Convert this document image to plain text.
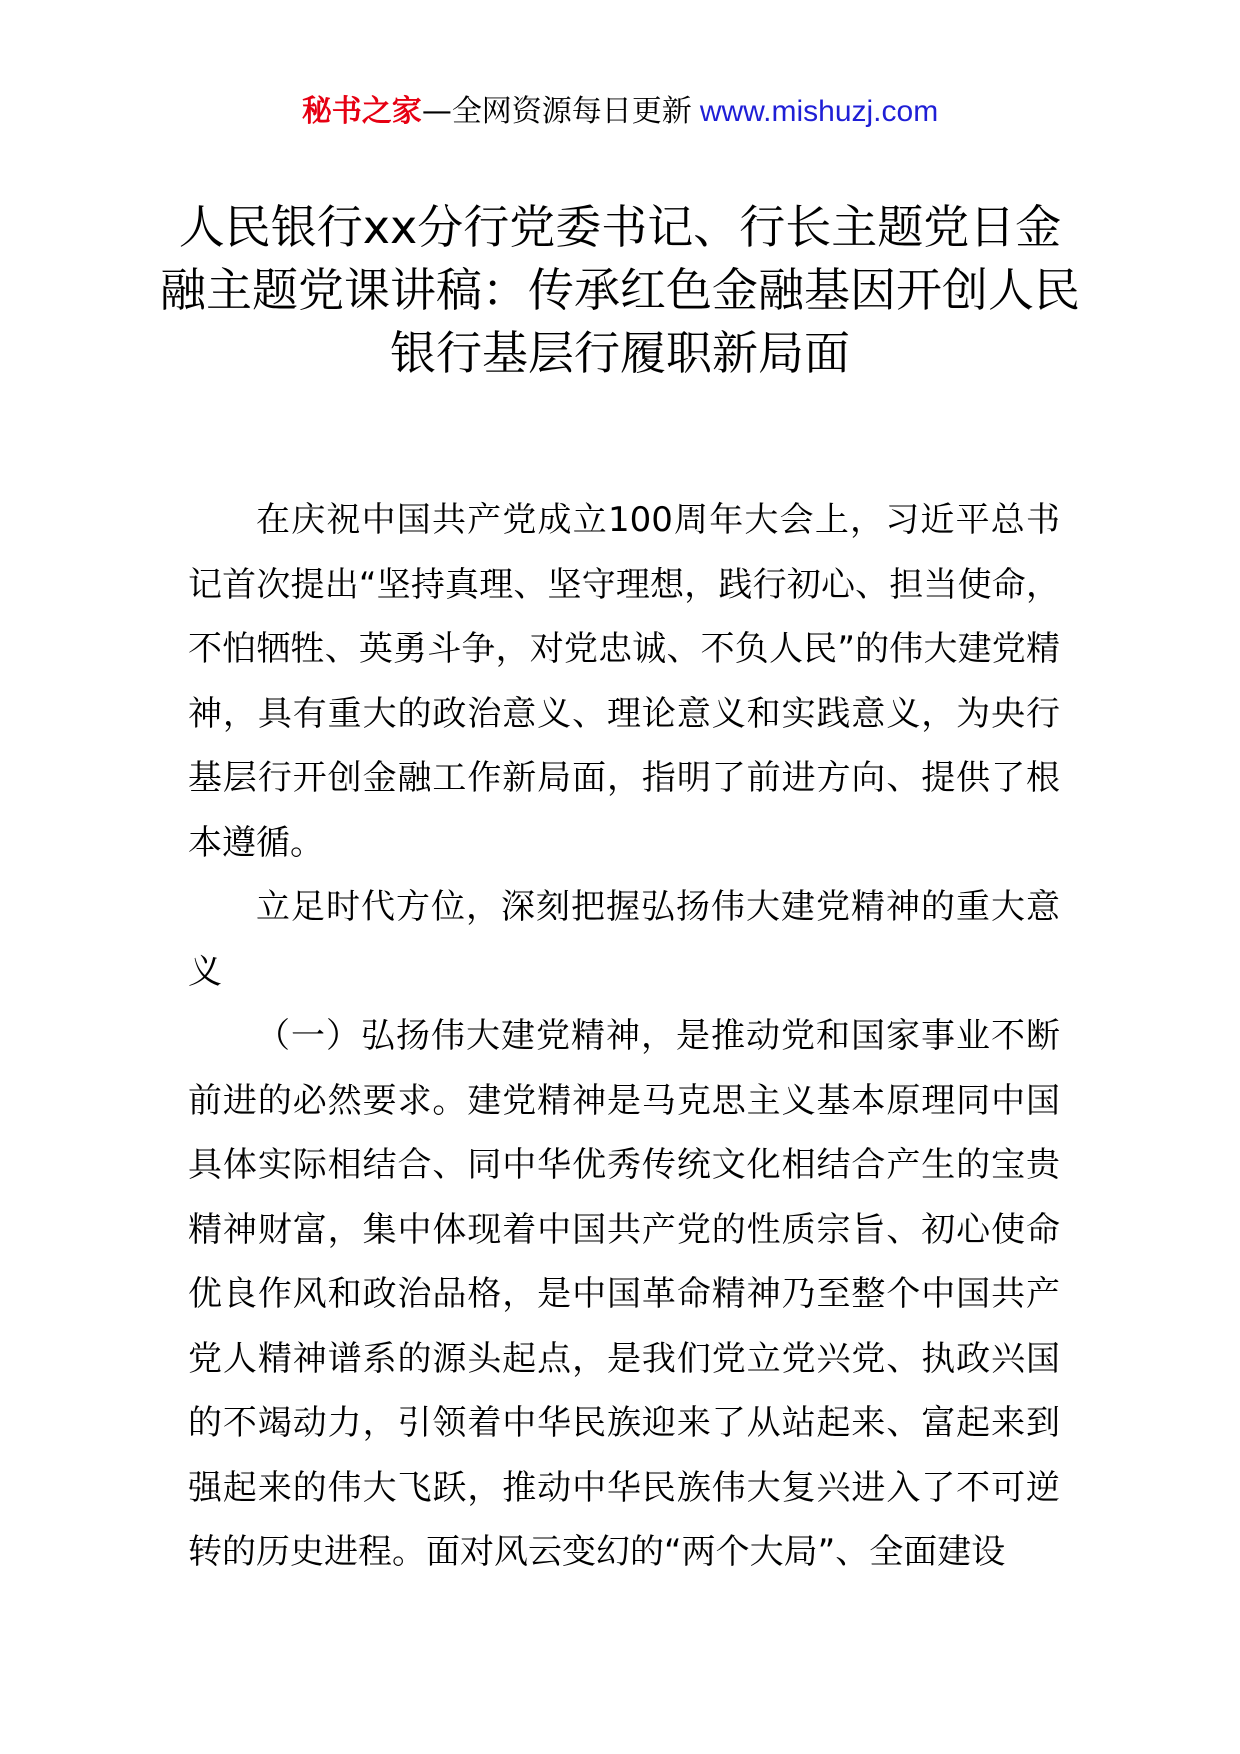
秘书之家—全网资源每日更新 www.mishuzj.com
人民银行xx分行党委书记、行长主题党日金融主题党课讲稿：传承红色金融基因开创人民银行基层行履职新局面

在庆祝中国共产党成立100周年大会上，习近平总书记首次提出“坚持真理、坚守理想，践行初心、担当使命，不怕牺牲、英勇斗争，对党忠诚、不负人民”的伟大建党精神，具有重大的政治意义、理论意义和实践意义，为央行基层行开创金融工作新局面，指明了前进方向、提供了根本遵循。

立足时代方位，深刻把握弘扬伟大建党精神的重大意义

（一）弘扬伟大建党精神，是推动党和国家事业不断前进的必然要求。建党精神是马克思主义基本原理同中国具体实际相结合、同中华优秀传统文化相结合产生的宝贵精神财富，集中体现着中国共产党的性质宗旨、初心使命优良作风和政治品格，是中国革命精神乃至整个中国共产党人精神谱系的源头起点，是我们党立党兴党、执政兴国的不竭动力，引领着中华民族迎来了从站起来、富起来到强起来的伟大飞跃，推动中华民族伟大复兴进入了不可逆转的历史进程。面对风云变幻的“两个大局”、全面建设
